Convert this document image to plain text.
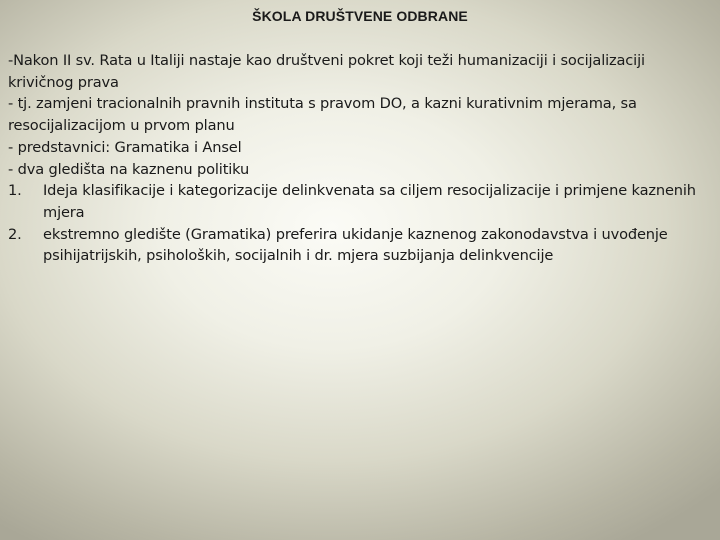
ŠKOLA DRUŠTVENE ODBRANE

-Nakon II sv. Rata u Italiji nastaje kao društveni pokret koji teži humanizaciji i socijalizaciji krivičnog prava

- tj. zamjeni tracionalnih pravnih instituta s pravom DO, a kazni kurativnim mjerama, sa resocijalizacijom u prvom planu

- predstavnici: Gramatika i Ansel

- dva gledišta na kaznenu politiku

1.	Ideja klasifikacije i kategorizacije delinkvenata sa ciljem resocijalizacije i primjene kaznenih mjera
2.	ekstremno gledište (Gramatika) preferira ukidanje kaznenog zakonodavstva i uvođenje psihijatrijskih, psiholoških, socijalnih i dr. mjera suzbijanja delinkvencije
